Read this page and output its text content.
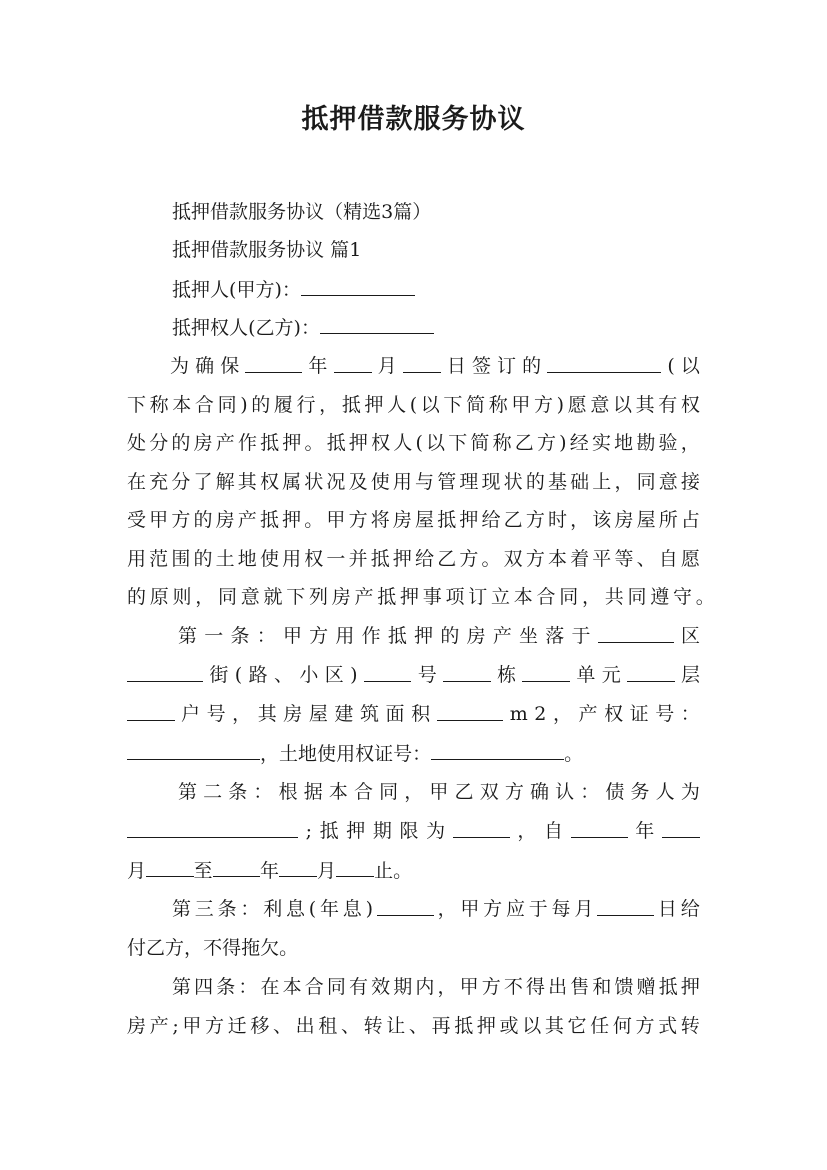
抵押借款服务协议
抵押借款服务协议（精选3篇）
抵押借款服务协议 篇1
抵押人(甲方)：
抵押权人(乙方)：
为 确 保	年	月	日 签 订 的	( 以
下 称 本 合 同 ) 的 履 行 ， 抵 押 人 ( 以 下 简 称 甲 方 ) 愿 意 以 其 有 权
处 分 的 房 产 作 抵 押 。 抵 押 权 人 ( 以 下 简 称 乙 方 ) 经 实 地 勘 验 ，
在 充 分 了 解 其 权 属 状 况 及 使 用 与 管 理 现 状 的 基 础 上 ， 同 意 接
受 甲 方 的 房 产 抵 押 。 甲 方 将 房 屋 抵 押 给 乙 方 时 ， 该 房 屋 所 占
用 范 围 的 土 地 使 用 权 一 并 抵 押 给 乙 方 。 双 方 本 着 平 等 、 自 愿
的 原 则 ， 同 意 就 下 列 房 产 抵 押 事 项 订 立 本 合 同 ， 共 同 遵 守 。
第 一 条 ： 甲 方 用 作 抵 押 的 房 产 坐 落 于	区
街 ( 路 、 小 区 )	号	栋	单 元	层
户 号 ， 其 房 屋 建 筑 面 积	m 2 ， 产 权 证 号 ：
，土地使用权证号：	。
第 二 条 ： 根 据 本 合 同 ， 甲 乙 双 方 确 认 ： 债 务 人 为
; 抵 押 期 限 为	， 自	年
月	至	年 月 止。
第 三 条 ： 利 息 ( 年 息 )	， 甲 方 应 于 每 月	日 给
付乙方，不得拖欠。
第 四 条 ： 在 本 合 同 有 效 期 内 ， 甲 方 不 得 出 售 和 馈 赠 抵 押
房 产 ; 甲 方 迁 移 、 出 租 、 转 让 、 再 抵 押 或 以 其 它 任 何 方 式 转
